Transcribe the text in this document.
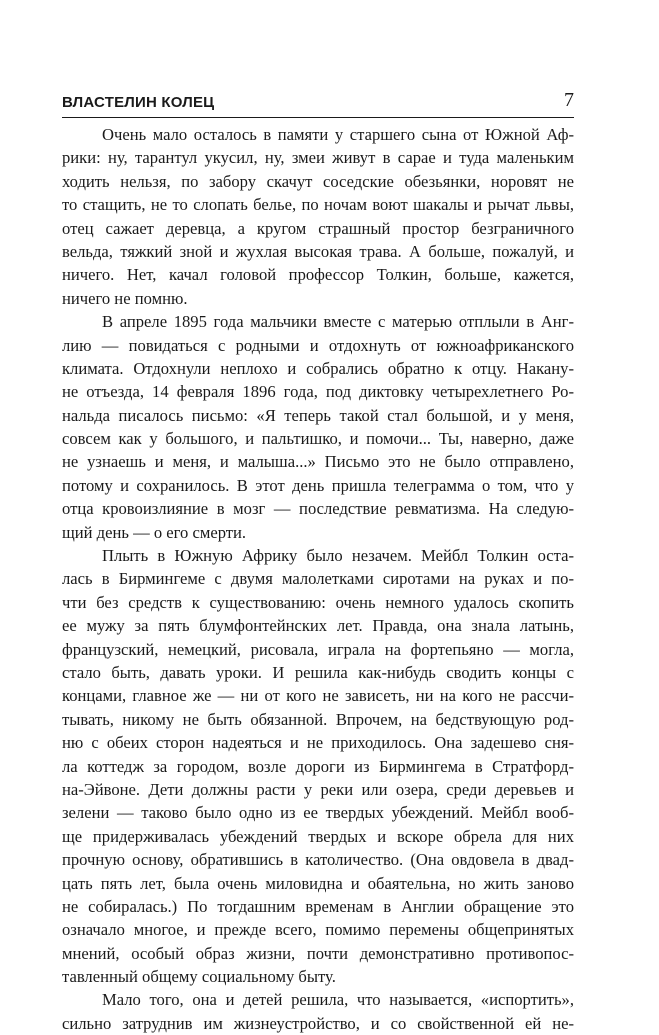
ВЛАСТЕЛИН КОЛЕЦ	7
Очень мало осталось в памяти у старшего сына от Южной Аф-
рики: ну, тарантул укусил, ну, змеи живут в сарае и туда маленьким
ходить нельзя, по забору скачут соседские обезьянки, норовят не
то стащить, не то слопать белье, по ночам воют шакалы и рычат львы,
отец сажает деревца, а кругом страшный простор безграничного
вельда, тяжкий зной и жухлая высокая трава. А больше, пожалуй, и
ничего. Нет, качал головой профессор Толкин, больше, кажется,
ничего не помню.
В апреле 1895 года мальчики вместе с матерью отплыли в Анг-
лию — повидаться с родными и отдохнуть от южноафриканского
климата. Отдохнули неплохо и собрались обратно к отцу. Накану-
не отъезда, 14 февраля 1896 года, под диктовку четырехлетнего Ро-
нальда писалось письмо: «Я теперь такой стал большой, и у меня,
совсем как у большого, и пальтишко, и помочи... Ты, наверно, даже
не узнаешь и меня, и малыша...» Письмо это не было отправлено,
потому и сохранилось. В этот день пришла телеграмма о том, что у
отца кровоизлияние в мозг — последствие ревматизма. На следую-
щий день — о его смерти.
Плыть в Южную Африку было незачем. Мейбл Толкин оста-
лась в Бирмингеме с двумя малолетками сиротами на руках и по-
чти без средств к существованию: очень немного удалось скопить
ее мужу за пять блумфонтейнских лет. Правда, она знала латынь,
французский, немецкий, рисовала, играла на фортепьяно — могла,
стало быть, давать уроки. И решила как-нибудь сводить концы с
концами, главное же — ни от кого не зависеть, ни на кого не рассчи-
тывать, никому не быть обязанной. Впрочем, на бедствующую род-
ню с обеих сторон надеяться и не приходилось. Она задешево сня-
ла коттедж за городом, возле дороги из Бирмингема в Стратфорд-
на-Эйвоне. Дети должны расти у реки или озера, среди деревьев и
зелени — таково было одно из ее твердых убеждений. Мейбл вооб-
ще придерживалась убеждений твердых и вскоре обрела для них
прочную основу, обратившись в католичество. (Она овдовела в двад-
цать пять лет, была очень миловидна и обаятельна, но жить заново
не собиралась.) По тогдашним временам в Англии обращение это
означало многое, и прежде всего, помимо перемены общепринятых
мнений, особый образ жизни, почти демонстративно противопос-
тавленный общему социальному быту.
Мало того, она и детей решила, что называется, «испортить»,
сильно затруднив им жизнеустройство, и со свойственной ей не-
